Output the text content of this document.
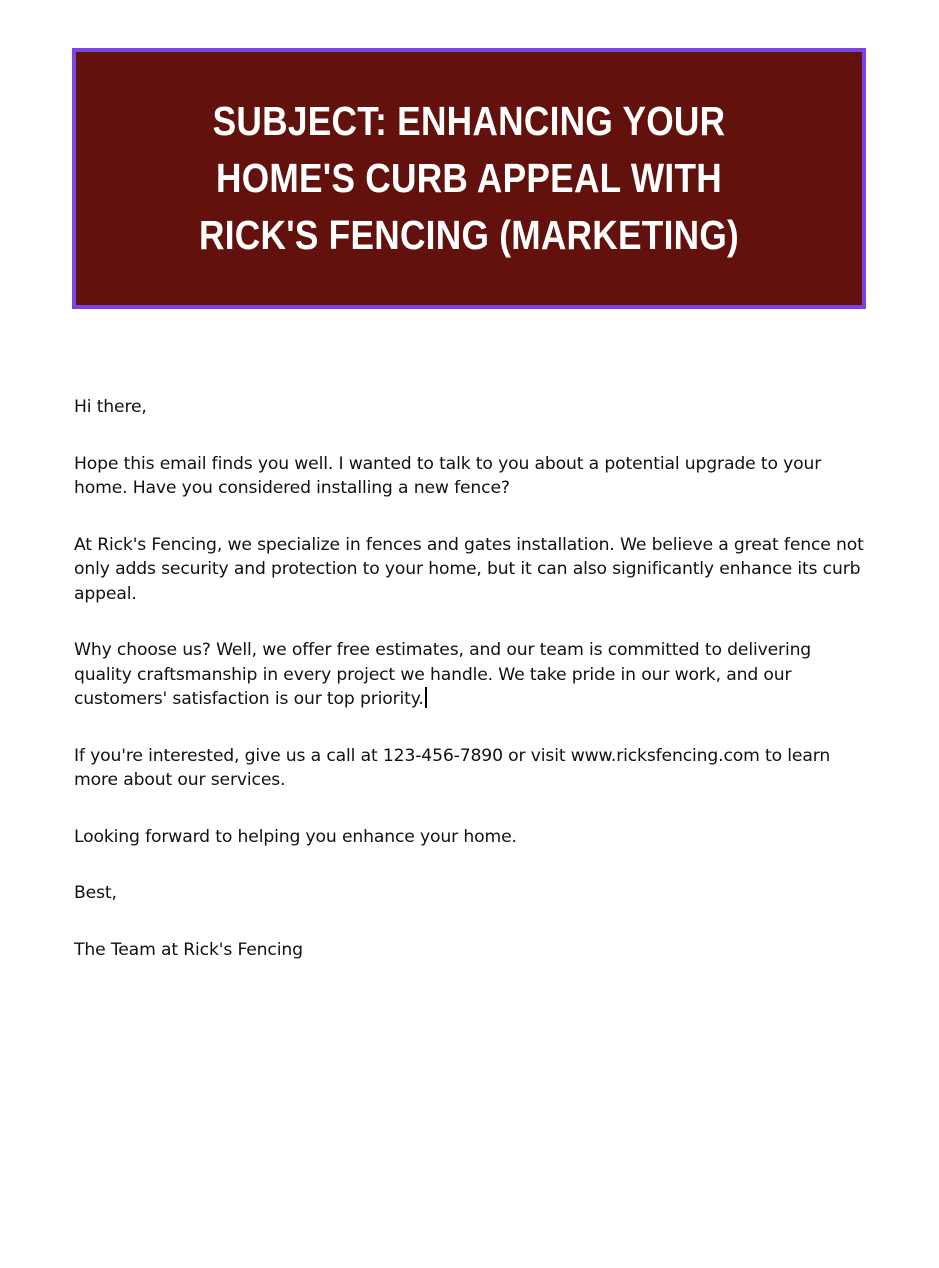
SUBJECT: ENHANCING YOUR HOME'S CURB APPEAL WITH RICK'S FENCING (MARKETING)

Hi there,

Hope this email finds you well. I wanted to talk to you about a potential upgrade to your home. Have you considered installing a new fence?

At Rick's Fencing, we specialize in fences and gates installation. We believe a great fence not only adds security and protection to your home, but it can also significantly enhance its curb appeal.

Why choose us? Well, we offer free estimates, and our team is committed to delivering quality craftsmanship in every project we handle. We take pride in our work, and our customers' satisfaction is our top priority.

If you're interested, give us a call at 123-456-7890 or visit www.ricksfencing.com to learn more about our services.

Looking forward to helping you enhance your home.

Best,

The Team at Rick's Fencing
